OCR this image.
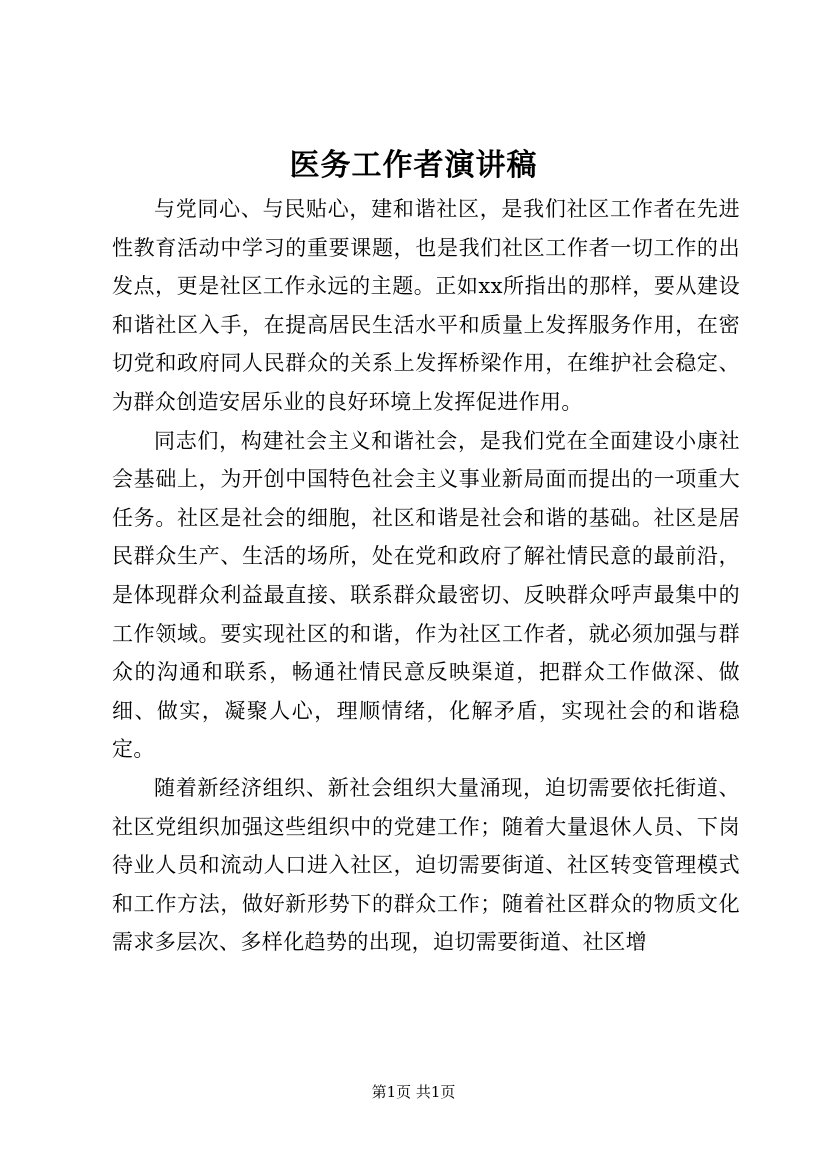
医务工作者演讲稿

与党同心、与民贴心，建和谐社区，是我们社区工作者在先进性教育活动中学习的重要课题，也是我们社区工作者一切工作的出发点，更是社区工作永远的主题。正如xx所指出的那样，要从建设和谐社区入手，在提高居民生活水平和质量上发挥服务作用，在密切党和政府同人民群众的关系上发挥桥梁作用，在维护社会稳定、为群众创造安居乐业的良好环境上发挥促进作用。

同志们，构建社会主义和谐社会，是我们党在全面建设小康社会基础上，为开创中国特色社会主义事业新局面而提出的一项重大任务。社区是社会的细胞，社区和谐是社会和谐的基础。社区是居民群众生产、生活的场所，处在党和政府了解社情民意的最前沿，是体现群众利益最直接、联系群众最密切、反映群众呼声最集中的工作领域。要实现社区的和谐，作为社区工作者，就必须加强与群众的沟通和联系，畅通社情民意反映渠道，把群众工作做深、做细、做实，凝聚人心，理顺情绪，化解矛盾，实现社会的和谐稳定。

随着新经济组织、新社会组织大量涌现，迫切需要依托街道、社区党组织加强这些组织中的党建工作；随着大量退休人员、下岗待业人员和流动人口进入社区，迫切需要街道、社区转变管理模式和工作方法，做好新形势下的群众工作；随着社区群众的物质文化需求多层次、多样化趋势的出现，迫切需要街道、社区增

第1页 共1页
